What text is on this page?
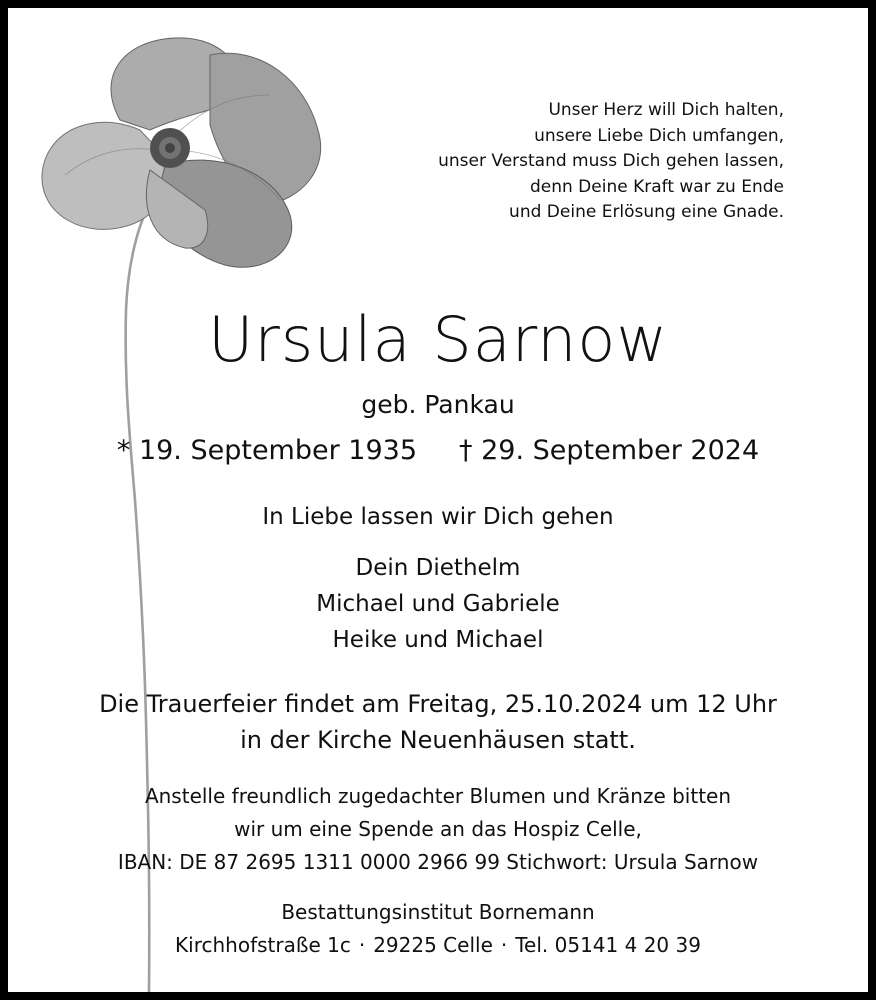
Unser Herz will Dich halten,
unsere Liebe Dich umfangen,
unser Verstand muss Dich gehen lassen,
denn Deine Kraft war zu Ende
und Deine Erlösung eine Gnade.
Ursula Sarnow
geb. Pankau
* 19. September 1935 † 29. September 2024
In Liebe lassen wir Dich gehen
Dein Diethelm
Michael und Gabriele
Heike und Michael
Die Trauerfeier findet am Freitag, 25.10.2024 um 12 Uhr
in der Kirche Neuenhäusen statt.
Anstelle freundlich zugedachter Blumen und Kränze bitten
wir um eine Spende an das Hospiz Celle,
IBAN: DE 87 2695 1311 0000 2966 99 Stichwort: Ursula Sarnow
Bestattungsinstitut Bornemann
Kirchhofstraße 1c · 29225 Celle · Tel. 05141 4 20 39
